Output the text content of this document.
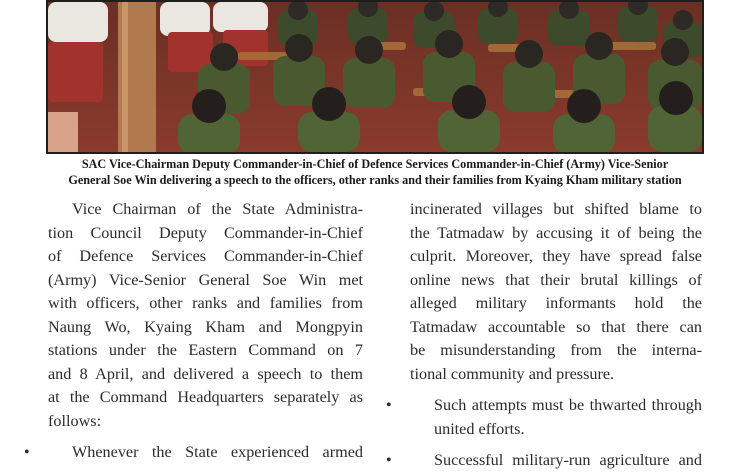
SAC Vice-Chairman Deputy Commander-in-Chief of Defence Services Commander-in-Chief (Army) Vice-Senior
General Soe Win delivering a speech to the officers, other ranks and their families from Kyaing Kham military station
Vice Chairman of the State Administra-
tion Council Deputy Commander-in-Chief
of Defence Services Commander-in-Chief
(Army) Vice-Senior General Soe Win met
with officers, other ranks and families from
Naung Wo, Kyaing Kham and Mongpyin
stations under the Eastern Command on 7
and 8 April, and delivered a speech to them
at the Command Headquarters separately as
follows:
•	Whenever the State experienced armed
incinerated villages but shifted blame to
the Tatmadaw by accusing it of being the
culprit. Moreover, they have spread false
online news that their brutal killings of
alleged military informants hold the
Tatmadaw accountable so that there can
be misunderstanding from the interna-
tional community and pressure.
•	Such attempts must be thwarted through
united efforts.
•	Successful military-run agriculture and
